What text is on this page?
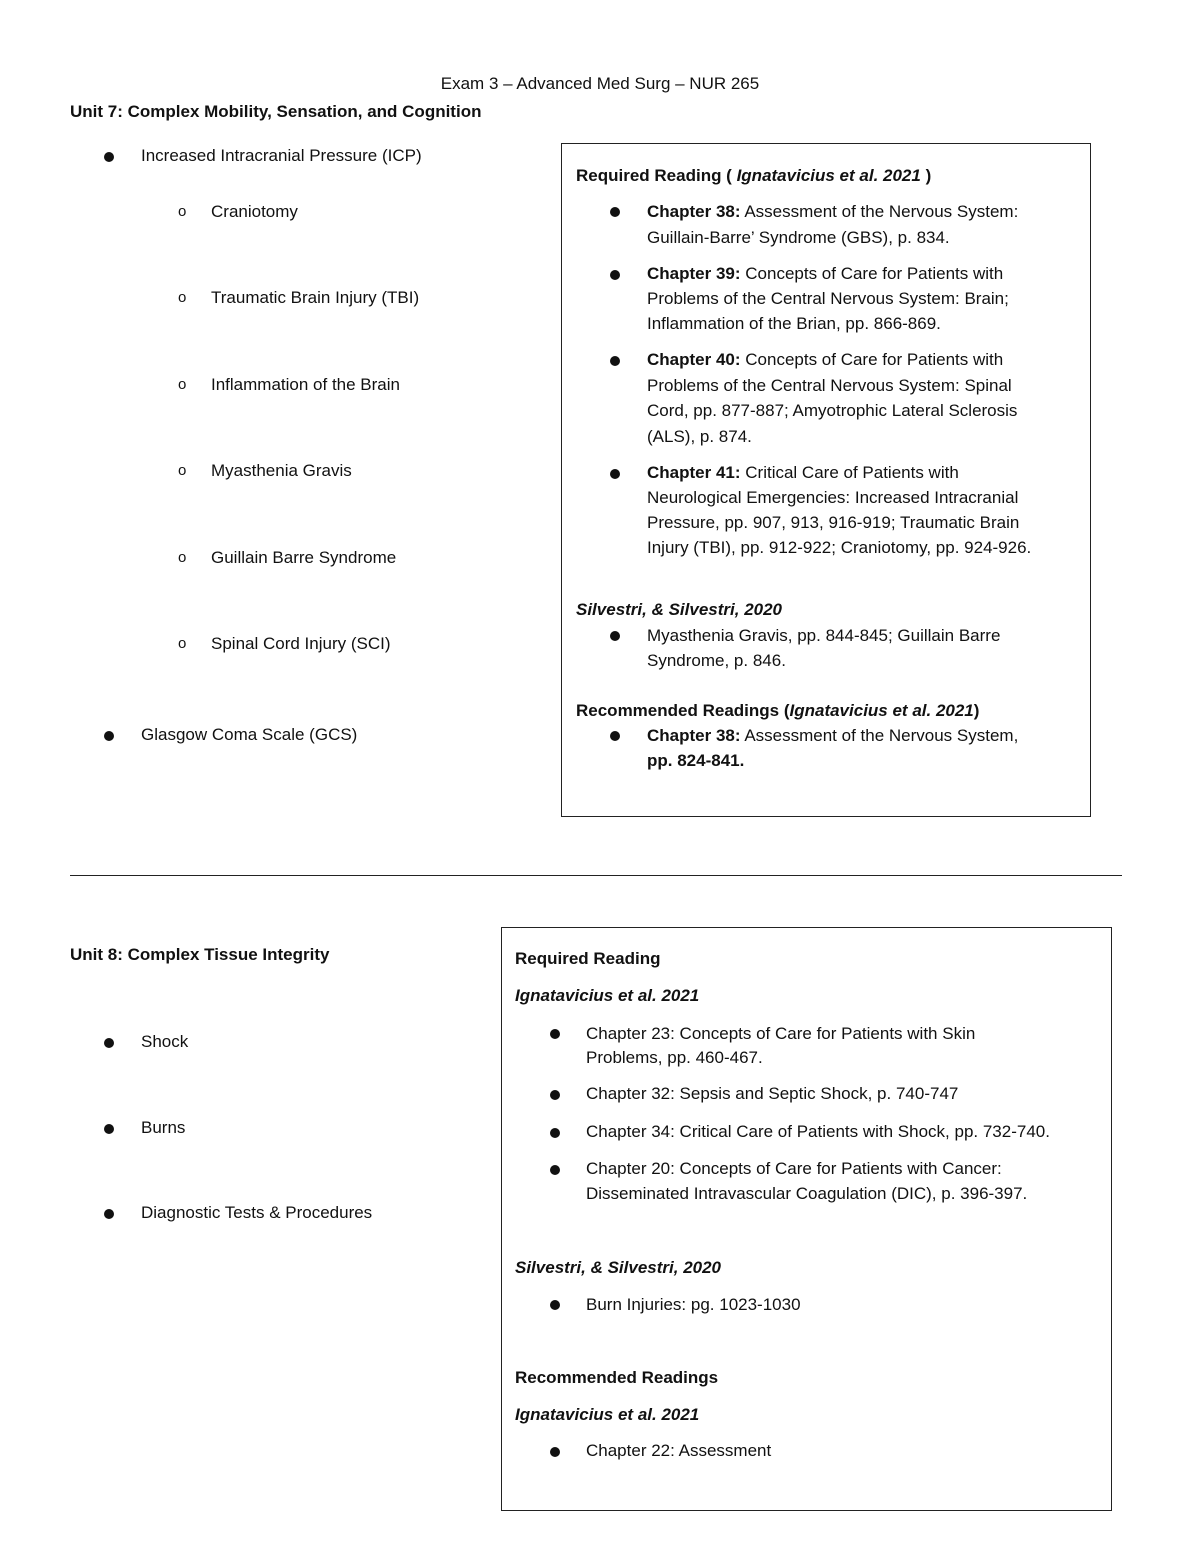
Exam 3 – Advanced Med Surg – NUR 265
Unit 7: Complex Mobility, Sensation, and Cognition
Increased Intracranial Pressure (ICP)
o Craniotomy
o Traumatic Brain Injury (TBI)
o Inflammation of the Brain
o Myasthenia Gravis
o Guillain Barre Syndrome
o Spinal Cord Injury (SCI)
Glasgow Coma Scale (GCS)
Required Reading ( Ignatavicius et al. 2021 )
Chapter 38: Assessment of the Nervous System:
Guillain-Barre’ Syndrome (GBS), p. 834.
Chapter 39: Concepts of Care for Patients with
Problems of the Central Nervous System: Brain;
Inflammation of the Brian, pp. 866-869.
Chapter 40: Concepts of Care for Patients with
Problems of the Central Nervous System: Spinal
Cord, pp. 877-887; Amyotrophic Lateral Sclerosis
(ALS), p. 874.
Chapter 41: Critical Care of Patients with
Neurological Emergencies: Increased Intracranial
Pressure, pp. 907, 913, 916-919; Traumatic Brain
Injury (TBI), pp. 912-922; Craniotomy, pp. 924-926.
Silvestri, & Silvestri, 2020
Myasthenia Gravis, pp. 844-845; Guillain Barre
Syndrome, p. 846.
Recommended Readings (Ignatavicius et al. 2021)
Chapter 38: Assessment of the Nervous System,
pp. 824-841.
Unit 8: Complex Tissue Integrity
Shock
Burns
Diagnostic Tests & Procedures
Required Reading
Ignatavicius et al. 2021
Chapter 23: Concepts of Care for Patients with Skin
Problems, pp. 460-467.
Chapter 32: Sepsis and Septic Shock, p. 740-747
Chapter 34: Critical Care of Patients with Shock, pp. 732-740.
Chapter 20: Concepts of Care for Patients with Cancer:
Disseminated Intravascular Coagulation (DIC), p. 396-397.
Silvestri, & Silvestri, 2020
Burn Injuries: pg. 1023-1030
Recommended Readings
Ignatavicius et al. 2021
Chapter 22: Assessment
